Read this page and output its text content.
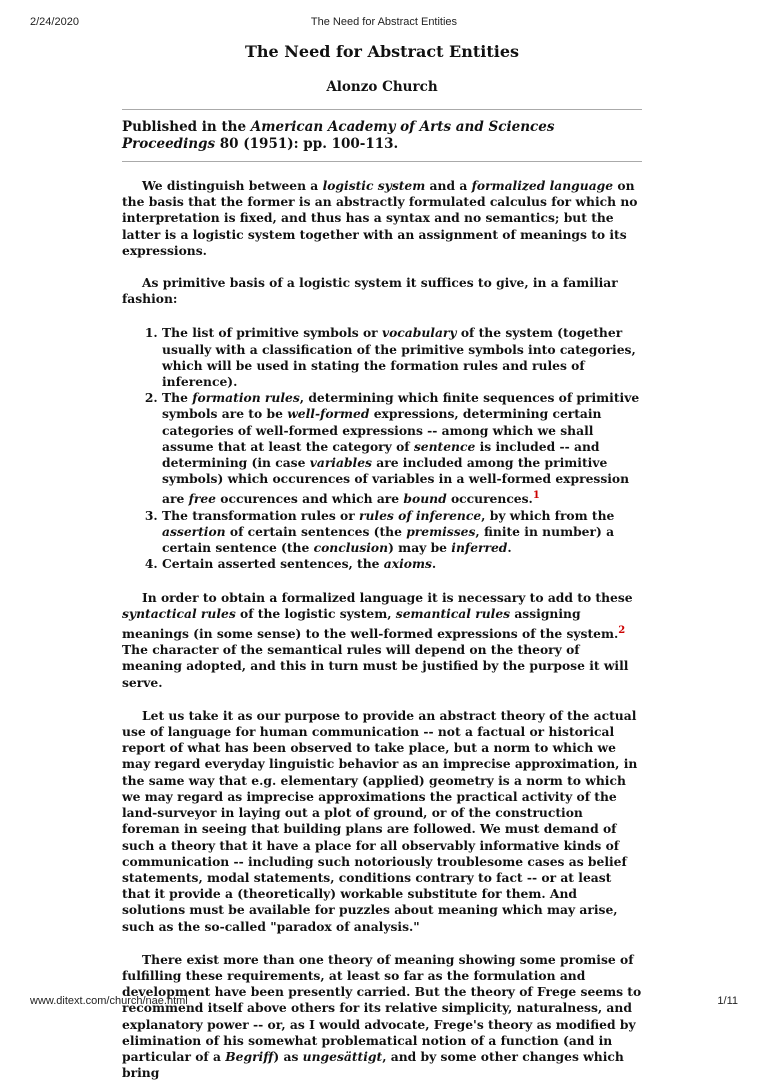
2/24/2020	The Need for Abstract Entities
The Need for Abstract Entities
Alonzo Church
Published in the American Academy of Arts and Sciences Proceedings 80 (1951): pp. 100-113.

We distinguish between a logistic system and a formalized language on the basis that the former is an abstractly formulated calculus for which no interpretation is fixed, and thus has a syntax and no semantics; but the latter is a logistic system together with an assignment of meanings to its expressions.

As primitive basis of a logistic system it suffices to give, in a familiar fashion:

1. The list of primitive symbols or vocabulary of the system (together usually with a classification of the primitive symbols into categories, which will be used in stating the formation rules and rules of inference).
2. The formation rules, determining which finite sequences of primitive symbols are to be well-formed expressions, determining certain categories of well-formed expressions -- among which we shall assume that at least the category of sentence is included -- and determining (in case variables are included among the primitive symbols) which occurences of variables in a well-formed expression are free occurences and which are bound occurences.$^1$
3. The transformation rules or rules of inference, by which from the assertion of certain sentences (the premisses, finite in number) a certain sentence (the conclusion) may be inferred.
4. Certain asserted sentences, the axioms.

In order to obtain a formalized language it is necessary to add to these syntactical rules of the logistic system, semantical rules assigning meanings (in some sense) to the well-formed expressions of the system.$^2$ The character of the semantical rules will depend on the theory of meaning adopted, and this in turn must be justified by the purpose it will serve.

Let us take it as our purpose to provide an abstract theory of the actual use of language for human communication -- not a factual or historical report of what has been observed to take place, but a norm to which we may regard everyday linguistic behavior as an imprecise approximation, in the same way that e.g. elementary (applied) geometry is a norm to which we may regard as imprecise approximations the practical activity of the land-surveyor in laying out a plot of ground, or of the construction foreman in seeing that building plans are followed. We must demand of such a theory that it have a place for all observably informative kinds of communication -- including such notoriously troublesome cases as belief statements, modal statements, conditions contrary to fact -- or at least that it provide a (theoretically) workable substitute for them. And solutions must be available for puzzles about meaning which may arise, such as the so-called "paradox of analysis."

There exist more than one theory of meaning showing some promise of fulfilling these requirements, at least so far as the formulation and development have been presently carried. But the theory of Frege seems to recommend itself above others for its relative simplicity, naturalness, and explanatory power -- or, as I would advocate, Frege's theory as modified by elimination of his somewhat problematical notion of a function (and in particular of a Begriff) as ungesättigt, and by some other changes which bring

www.ditext.com/church/nae.html	1/11
